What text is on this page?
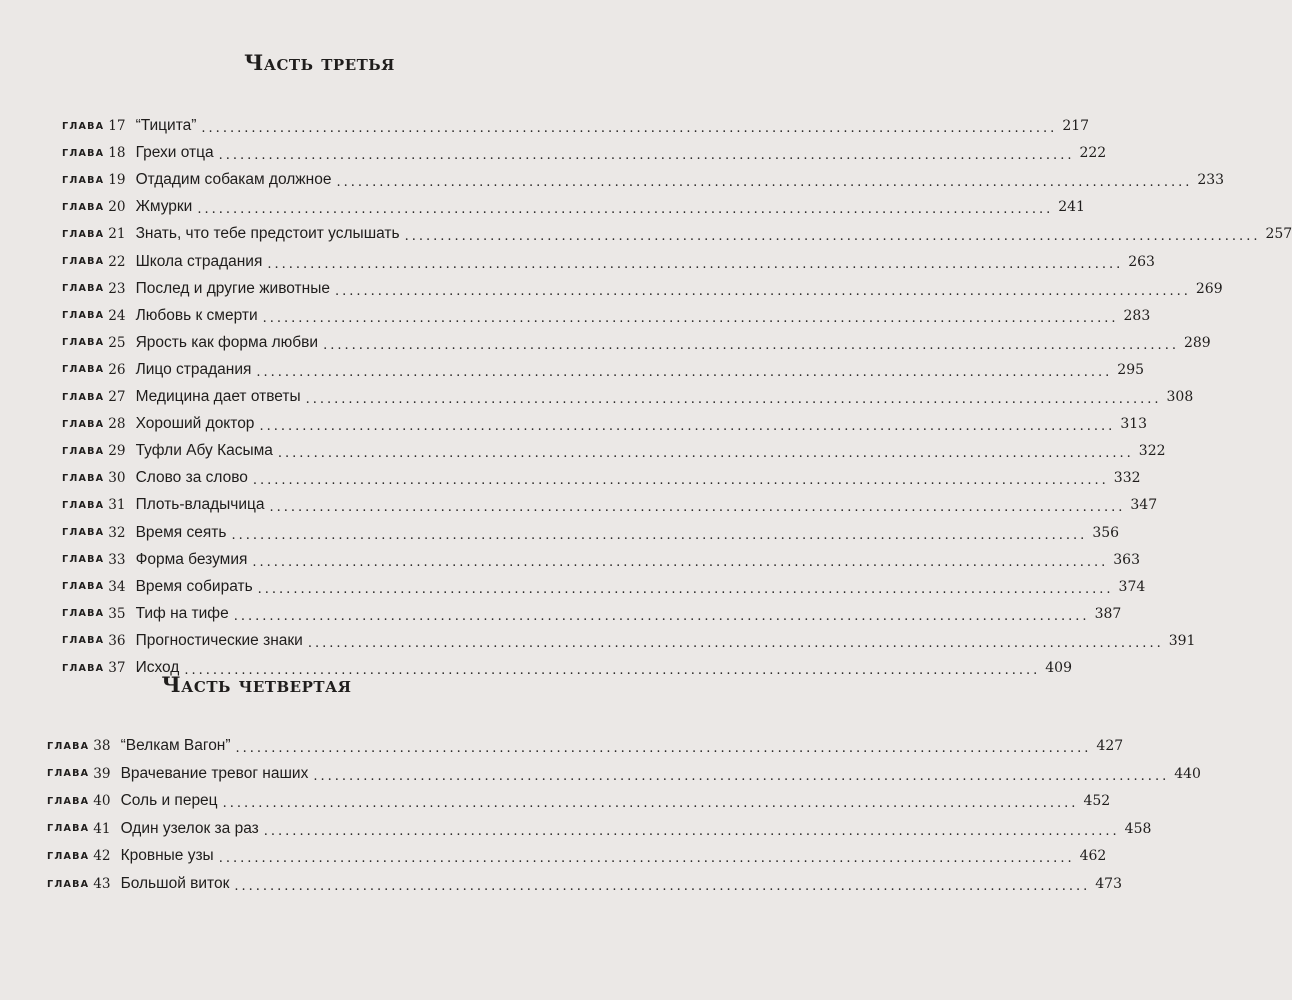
Часть третья
ГЛАВА 17 “Тицита” ........................................................................................................................ 217
ГЛАВА 18 Грехи отца ........................................................................................................................ 222
ГЛАВА 19 Отдадим собакам должное ........................................................................................................................ 233
ГЛАВА 20 Жмурки ........................................................................................................................ 241
ГЛАВА 21 Знать, что тебе предстоит услышать ........................................................................................................................ 257
ГЛАВА 22 Школа страдания ........................................................................................................................ 263
ГЛАВА 23 Послед и другие животные ........................................................................................................................ 269
ГЛАВА 24 Любовь к смерти ........................................................................................................................ 283
ГЛАВА 25 Ярость как форма любви ........................................................................................................................ 289
ГЛАВА 26 Лицо страдания ........................................................................................................................ 295
ГЛАВА 27 Медицина дает ответы ........................................................................................................................ 308
ГЛАВА 28 Хороший доктор ........................................................................................................................ 313
ГЛАВА 29 Туфли Абу Касыма ........................................................................................................................ 322
ГЛАВА 30 Слово за слово ........................................................................................................................ 332
ГЛАВА 31 Плоть-владычица ........................................................................................................................ 347
ГЛАВА 32 Время сеять ........................................................................................................................ 356
ГЛАВА 33 Форма безумия ........................................................................................................................ 363
ГЛАВА 34 Время собирать ........................................................................................................................ 374
ГЛАВА 35 Тиф на тифе ........................................................................................................................ 387
ГЛАВА 36 Прогностические знаки ........................................................................................................................ 391
ГЛАВА 37 Исход ........................................................................................................................ 409
Часть четвертая
ГЛАВА 38 “Велкам Вагон” ........................................................................................................................ 427
ГЛАВА 39 Врачевание тревог наших ........................................................................................................................ 440
ГЛАВА 40 Соль и перец ........................................................................................................................ 452
ГЛАВА 41 Один узелок за раз ........................................................................................................................ 458
ГЛАВА 42 Кровные узы ........................................................................................................................ 462
ГЛАВА 43 Большой виток ........................................................................................................................ 473
